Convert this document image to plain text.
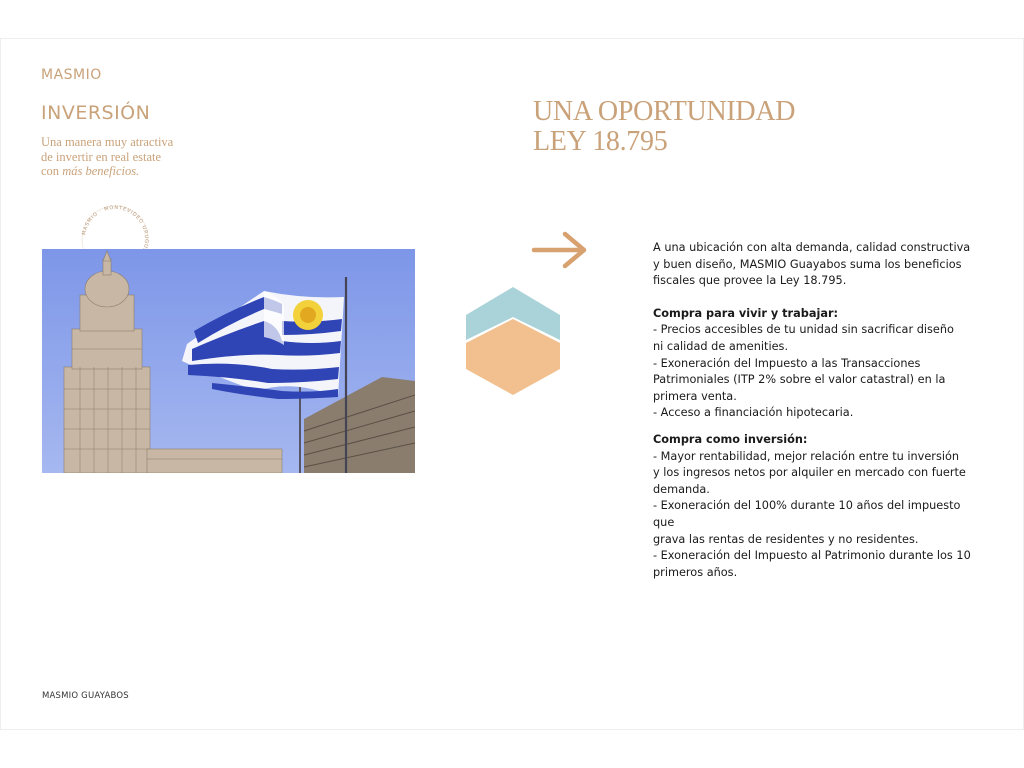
MASMIO
INVERSIÓN
Una manera muy atractiva
de invertir en real estate
con más beneficios.
MASMIO · MONTEVIDEO URUGU
UNA OPORTUNIDAD
LEY 18.795

A una ubicación con alta demanda, calidad constructiva

y buen diseño, MASMIO Guayabos suma los beneficios

fiscales que provee la Ley 18.795.

Compra para vivir y trabajar:

- Precios accesibles de tu unidad sin sacrificar diseño

ni calidad de amenities.

- Exoneración del Impuesto a las Transacciones

Patrimoniales (ITP 2% sobre el valor catastral) en la

primera venta.

- Acceso a financiación hipotecaria.

Compra como inversión:

- Mayor rentabilidad, mejor relación entre tu inversión

y los ingresos netos por alquiler en mercado con fuerte

demanda.

- Exoneración del 100% durante 10 años del impuesto que

grava las rentas de residentes y no residentes.

- Exoneración del Impuesto al Patrimonio durante los 10

primeros años.

MASMIO GUAYABOS
